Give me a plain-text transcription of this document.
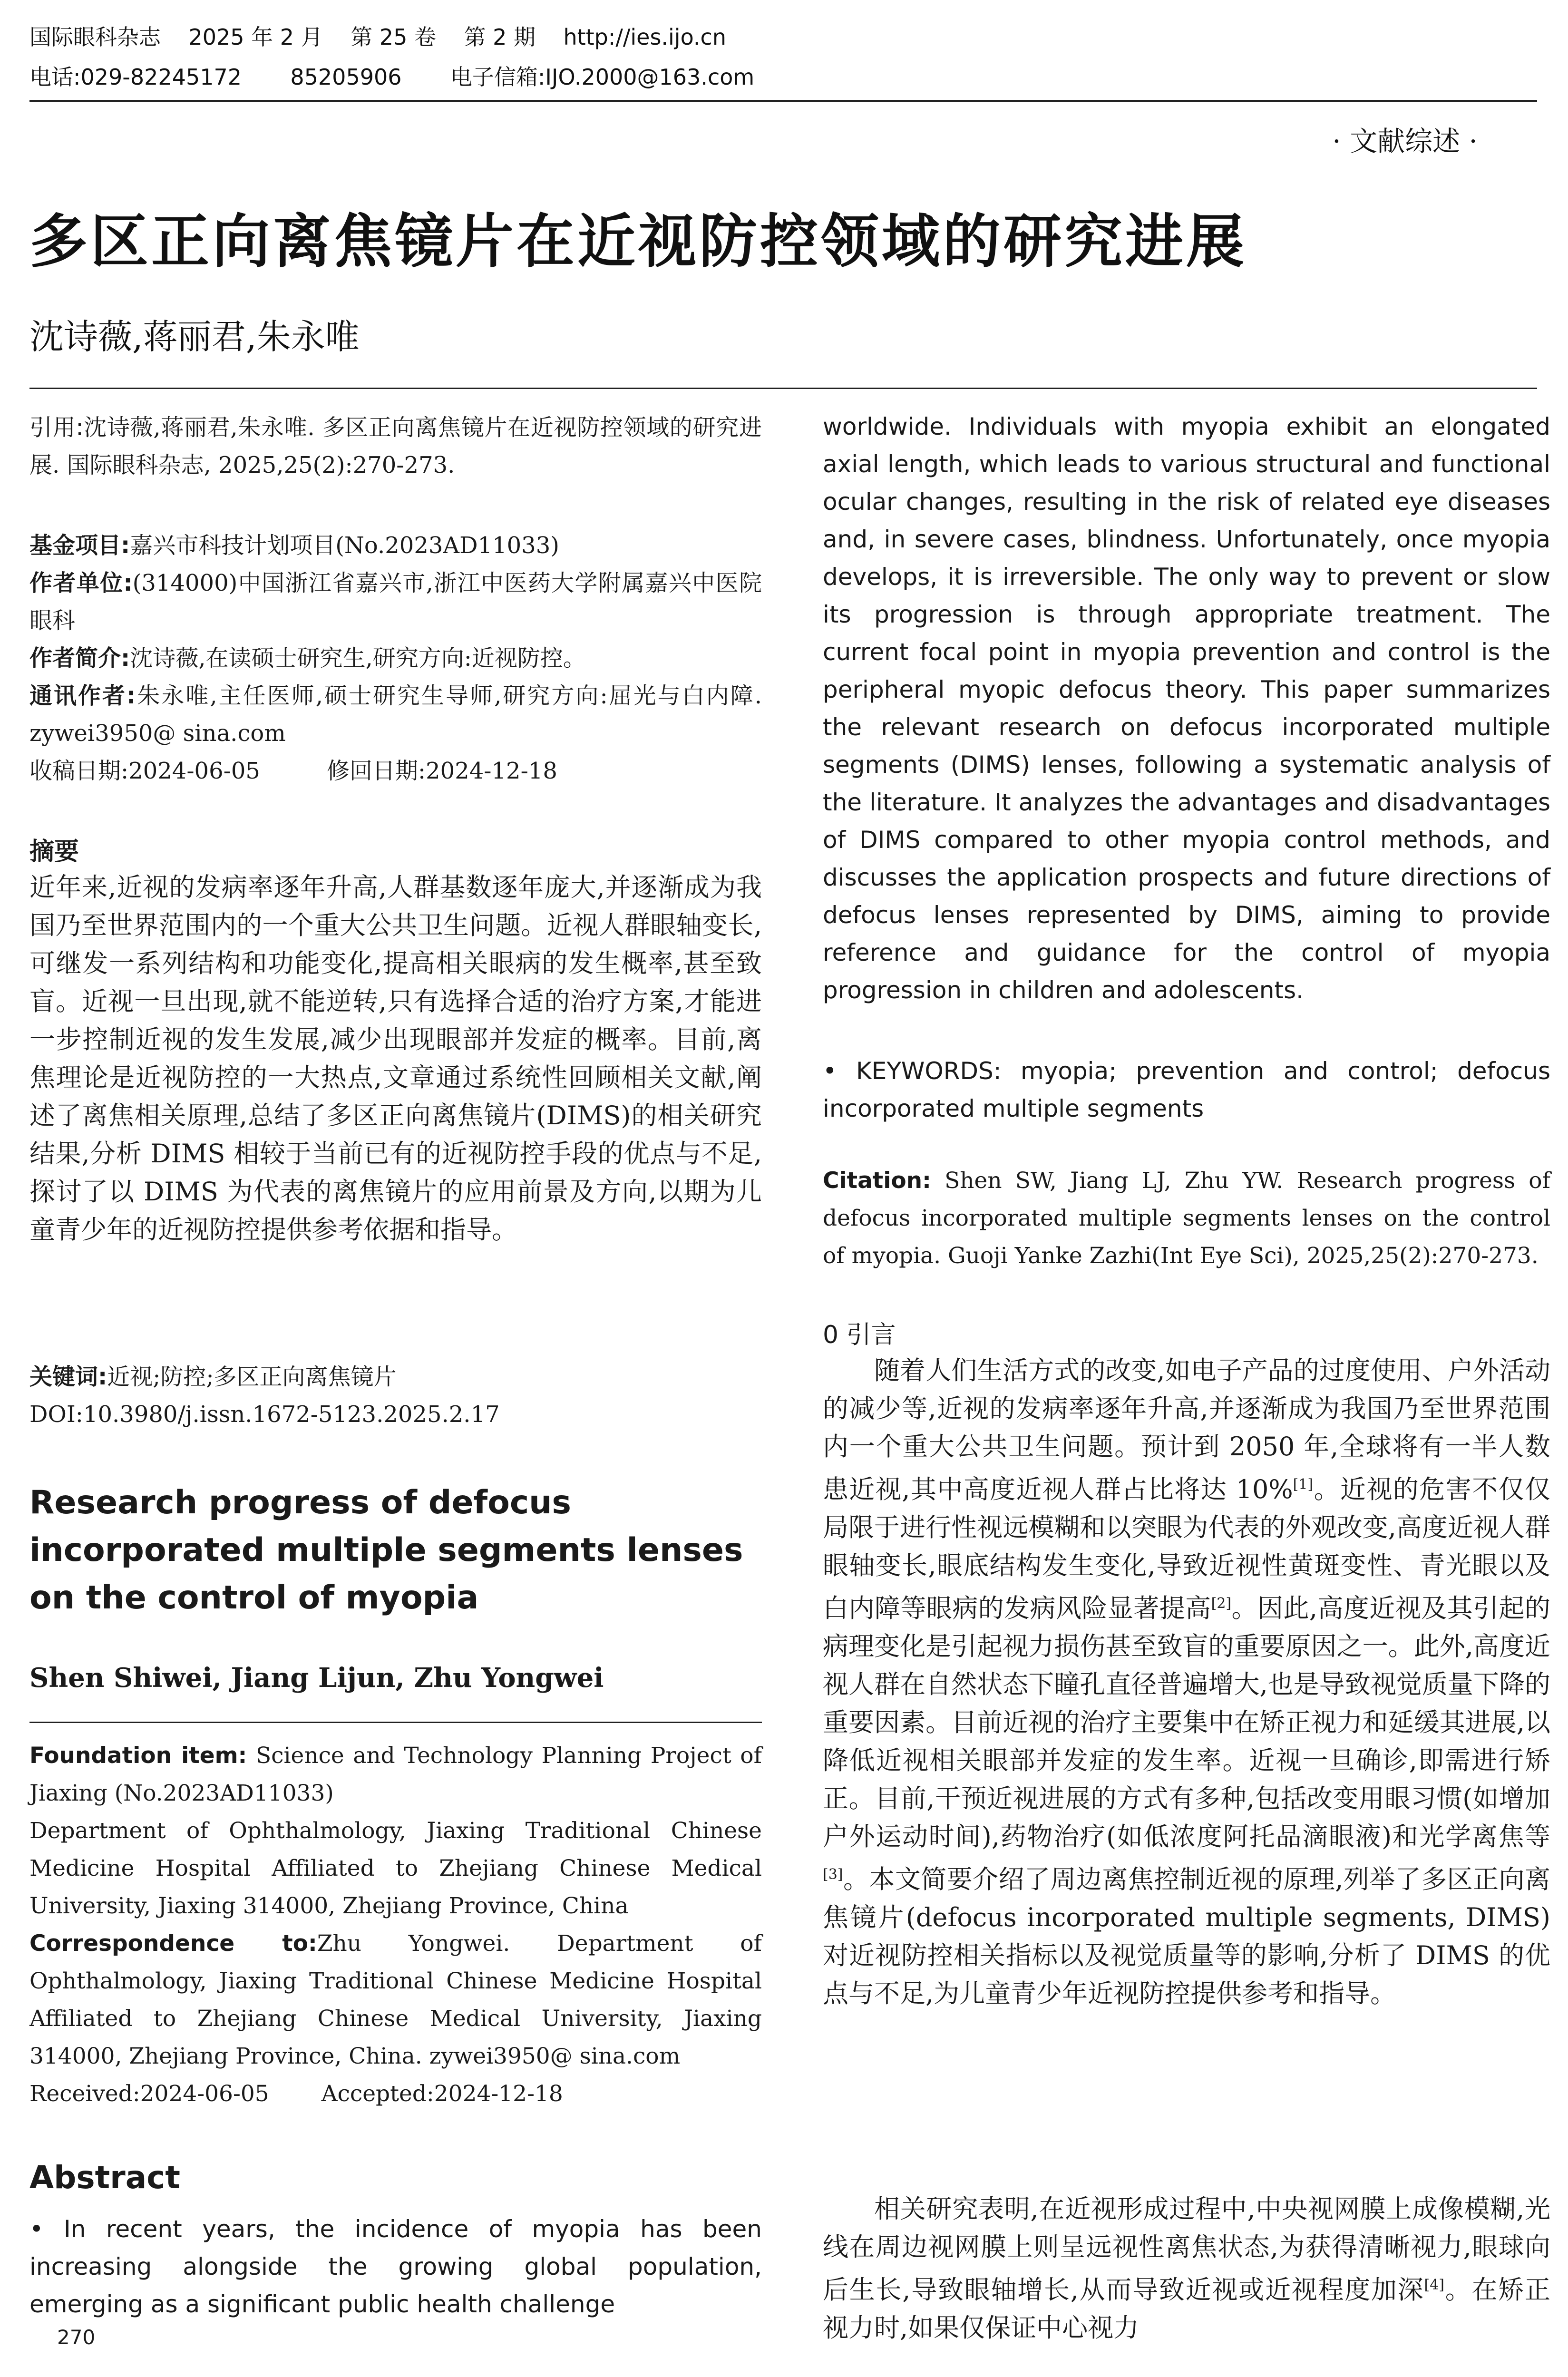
国际眼科杂志    2025 年 2 月    第 25 卷    第 2 期    http://ies.ijo.cn
电话:029-82245172       85205906       电子信箱:IJO.2000@163.com
· 文献综述 ·
多区正向离焦镜片在近视防控领域的研究进展
沈诗薇,蒋丽君,朱永唯
引用:沈诗薇,蒋丽君,朱永唯. 多区正向离焦镜片在近视防控领域的研究进展. 国际眼科杂志, 2025,25(2):270-273.
基金项目:嘉兴市科技计划项目(No.2023AD11033)
作者单位:(314000)中国浙江省嘉兴市,浙江中医药大学附属嘉兴中医院眼科
作者简介:沈诗薇,在读硕士研究生,研究方向:近视防控。
通讯作者:朱永唯,主任医师,硕士研究生导师,研究方向:屈光与白内障. zywei3950@ sina.com
收稿日期:2024-06-05	修回日期:2024-12-18
摘要
近年来,近视的发病率逐年升高,人群基数逐年庞大,并逐渐成为我国乃至世界范围内的一个重大公共卫生问题。近视人群眼轴变长,可继发一系列结构和功能变化,提高相关眼病的发生概率,甚至致盲。近视一旦出现,就不能逆转,只有选择合适的治疗方案,才能进一步控制近视的发生发展,减少出现眼部并发症的概率。目前,离焦理论是近视防控的一大热点,文章通过系统性回顾相关文献,阐述了离焦相关原理,总结了多区正向离焦镜片(DIMS)的相关研究结果,分析 DIMS 相较于当前已有的近视防控手段的优点与不足,探讨了以 DIMS 为代表的离焦镜片的应用前景及方向,以期为儿童青少年的近视防控提供参考依据和指导。
关键词:近视;防控;多区正向离焦镜片
DOI:10.3980/j.issn.1672-5123.2025.2.17
Research progress of defocus incorporated multiple segments lenses on the control of myopia
Shen Shiwei, Jiang Lijun, Zhu Yongwei
Foundation item: Science and Technology Planning Project of Jiaxing (No.2023AD11033)
Department of Ophthalmology, Jiaxing Traditional Chinese Medicine Hospital Affiliated to Zhejiang Chinese Medical University, Jiaxing 314000, Zhejiang Province, China
Correspondence to:Zhu Yongwei. Department of Ophthalmology, Jiaxing Traditional Chinese Medicine Hospital Affiliated to Zhejiang Chinese Medical University, Jiaxing 314000, Zhejiang Province, China. zywei3950@ sina.com
Received:2024-06-05 Accepted:2024-12-18
Abstract
• In recent years, the incidence of myopia has been increasing alongside the growing global population, emerging as a significant public health challenge
270
worldwide. Individuals with myopia exhibit an elongated axial length, which leads to various structural and functional ocular changes, resulting in the risk of related eye diseases and, in severe cases, blindness. Unfortunately, once myopia develops, it is irreversible. The only way to prevent or slow its progression is through appropriate treatment. The current focal point in myopia prevention and control is the peripheral myopic defocus theory. This paper summarizes the relevant research on defocus incorporated multiple segments (DIMS) lenses, following a systematic analysis of the literature. It analyzes the advantages and disadvantages of DIMS compared to other myopia control methods, and discusses the application prospects and future directions of defocus lenses represented by DIMS, aiming to provide reference and guidance for the control of myopia progression in children and adolescents.
• KEYWORDS: myopia; prevention and control; defocus incorporated multiple segments
Citation: Shen SW, Jiang LJ, Zhu YW. Research progress of defocus incorporated multiple segments lenses on the control of myopia. Guoji Yanke Zazhi(Int Eye Sci), 2025,25(2):270-273.
0 引言
随着人们生活方式的改变,如电子产品的过度使用、户外活动的减少等,近视的发病率逐年升高,并逐渐成为我国乃至世界范围内一个重大公共卫生问题。预计到 2050 年,全球将有一半人数患近视,其中高度近视人群占比将达 10%[1]。近视的危害不仅仅局限于进行性视远模糊和以突眼为代表的外观改变,高度近视人群眼轴变长,眼底结构发生变化,导致近视性黄斑变性、青光眼以及白内障等眼病的发病风险显著提高[2]。因此,高度近视及其引起的病理变化是引起视力损伤甚至致盲的重要原因之一。此外,高度近视人群在自然状态下瞳孔直径普遍增大,也是导致视觉质量下降的重要因素。目前近视的治疗主要集中在矫正视力和延缓其进展,以降低近视相关眼部并发症的发生率。近视一旦确诊,即需进行矫正。目前,干预近视进展的方式有多种,包括改变用眼习惯(如增加户外运动时间),药物治疗(如低浓度阿托品滴眼液)和光学离焦等[3]。本文简要介绍了周边离焦控制近视的原理,列举了多区正向离焦镜片(defocus incorporated multiple segments, DIMS)对近视防控相关指标以及视觉质量等的影响,分析了 DIMS 的优点与不足,为儿童青少年近视防控提供参考和指导。
相关研究表明,在近视形成过程中,中央视网膜上成像模糊,光线在周边视网膜上则呈远视性离焦状态,为获得清晰视力,眼球向后生长,导致眼轴增长,从而导致近视或近视程度加深[4]。在矫正视力时,如果仅保证中心视力
